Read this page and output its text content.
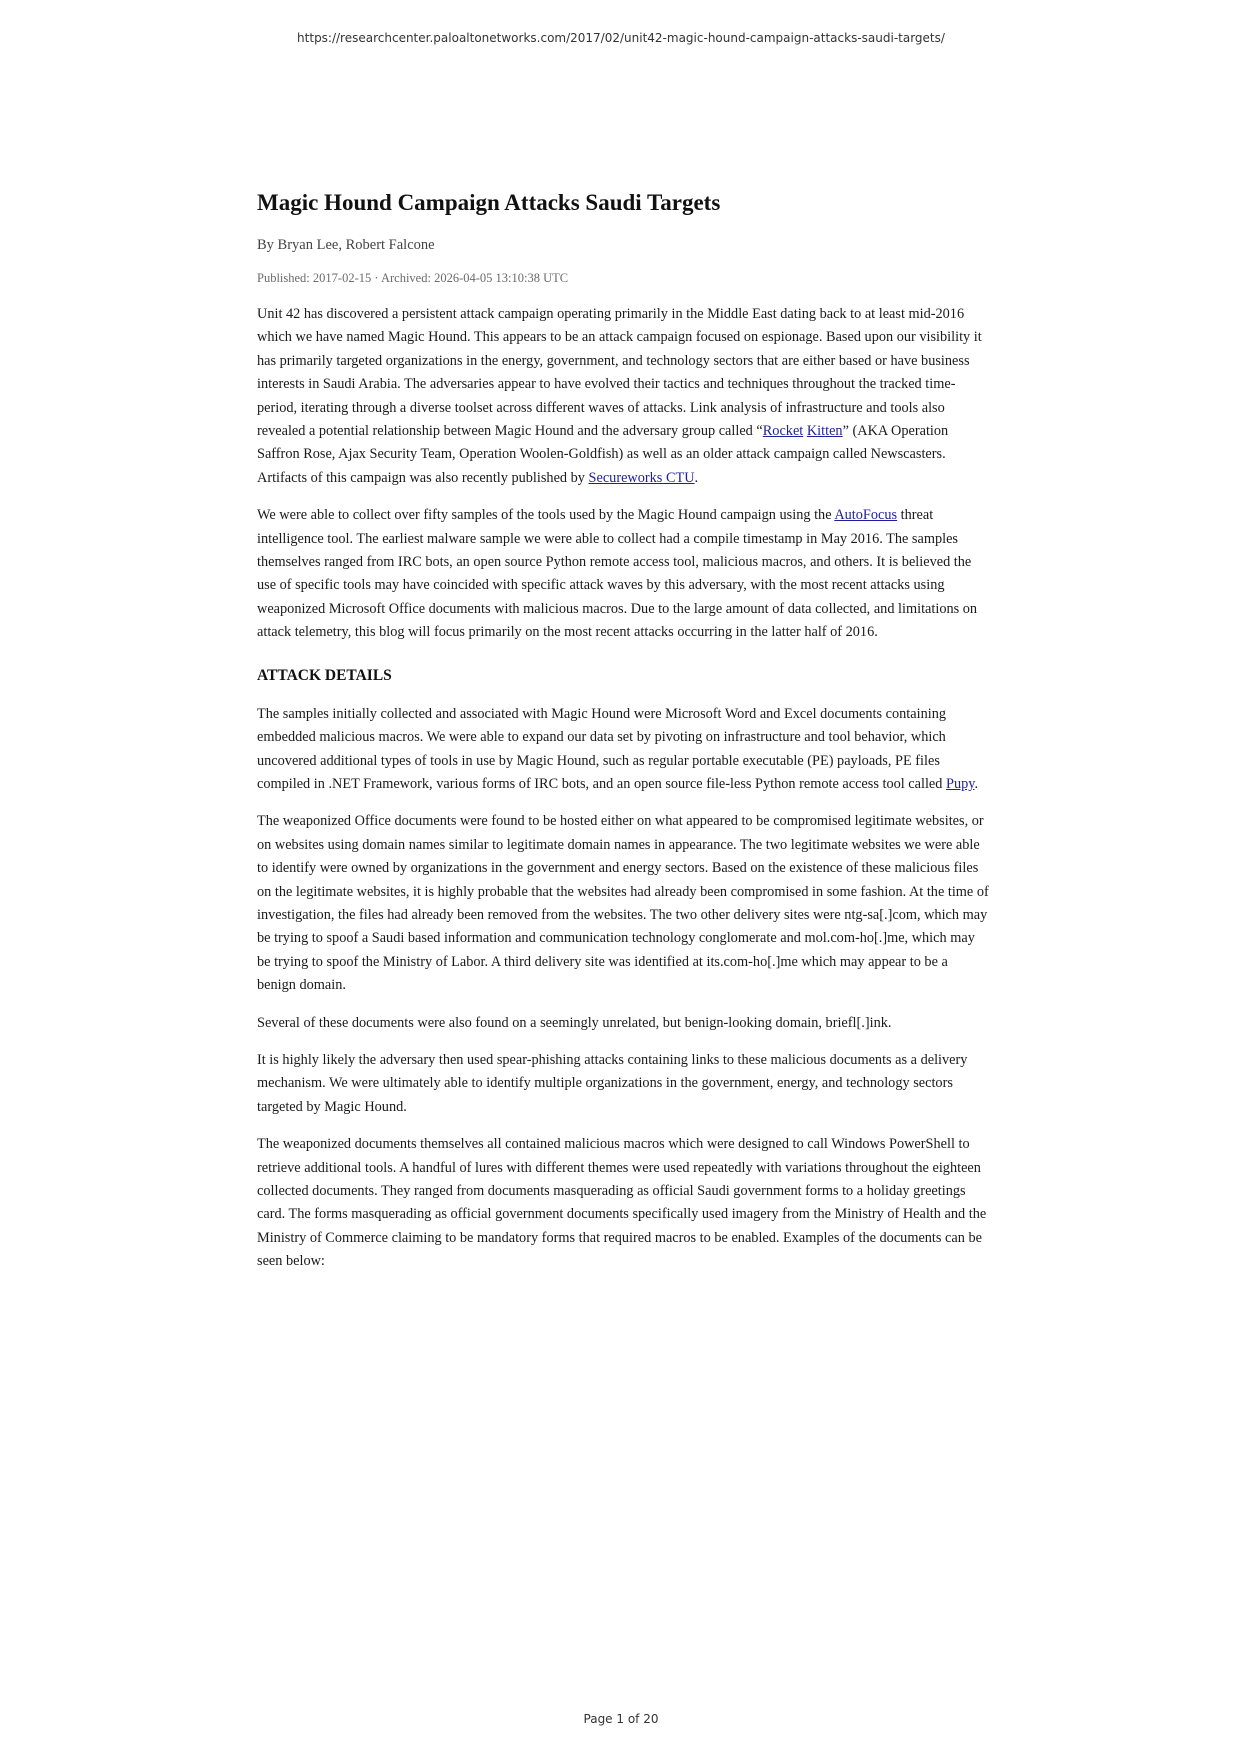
https://researchcenter.paloaltonetworks.com/2017/02/unit42-magic-hound-campaign-attacks-saudi-targets/
Magic Hound Campaign Attacks Saudi Targets
By Bryan Lee, Robert Falcone
Published: 2017-02-15 · Archived: 2026-04-05 13:10:38 UTC

Unit 42 has discovered a persistent attack campaign operating primarily in the Middle East dating back to at least mid-2016 which we have named Magic Hound. This appears to be an attack campaign focused on espionage. Based upon our visibility it has primarily targeted organizations in the energy, government, and technology sectors that are either based or have business interests in Saudi Arabia. The adversaries appear to have evolved their tactics and techniques throughout the tracked time-period, iterating through a diverse toolset across different waves of attacks. Link analysis of infrastructure and tools also revealed a potential relationship between Magic Hound and the adversary group called “Rocket Kitten” (AKA Operation Saffron Rose, Ajax Security Team, Operation Woolen-Goldfish) as well as an older attack campaign called Newscasters. Artifacts of this campaign was also recently published by Secureworks CTU.

We were able to collect over fifty samples of the tools used by the Magic Hound campaign using the AutoFocus threat intelligence tool. The earliest malware sample we were able to collect had a compile timestamp in May 2016. The samples themselves ranged from IRC bots, an open source Python remote access tool, malicious macros, and others. It is believed the use of specific tools may have coincided with specific attack waves by this adversary, with the most recent attacks using weaponized Microsoft Office documents with malicious macros. Due to the large amount of data collected, and limitations on attack telemetry, this blog will focus primarily on the most recent attacks occurring in the latter half of 2016.

ATTACK DETAILS

The samples initially collected and associated with Magic Hound were Microsoft Word and Excel documents containing embedded malicious macros. We were able to expand our data set by pivoting on infrastructure and tool behavior, which uncovered additional types of tools in use by Magic Hound, such as regular portable executable (PE) payloads, PE files compiled in .NET Framework, various forms of IRC bots, and an open source file-less Python remote access tool called Pupy.

The weaponized Office documents were found to be hosted either on what appeared to be compromised legitimate websites, or on websites using domain names similar to legitimate domain names in appearance. The two legitimate websites we were able to identify were owned by organizations in the government and energy sectors. Based on the existence of these malicious files on the legitimate websites, it is highly probable that the websites had already been compromised in some fashion. At the time of investigation, the files had already been removed from the websites. The two other delivery sites were ntg-sa[.]com, which may be trying to spoof a Saudi based information and communication technology conglomerate and mol.com-ho[.]me, which may be trying to spoof the Ministry of Labor. A third delivery site was identified at its.com-ho[.]me which may appear to be a benign domain.

Several of these documents were also found on a seemingly unrelated, but benign-looking domain, briefl[.]ink.

It is highly likely the adversary then used spear-phishing attacks containing links to these malicious documents as a delivery mechanism. We were ultimately able to identify multiple organizations in the government, energy, and technology sectors targeted by Magic Hound.

The weaponized documents themselves all contained malicious macros which were designed to call Windows PowerShell to retrieve additional tools. A handful of lures with different themes were used repeatedly with variations throughout the eighteen collected documents. They ranged from documents masquerading as official Saudi government forms to a holiday greetings card. The forms masquerading as official government documents specifically used imagery from the Ministry of Health and the Ministry of Commerce claiming to be mandatory forms that required macros to be enabled. Examples of the documents can be seen below:

Page 1 of 20
